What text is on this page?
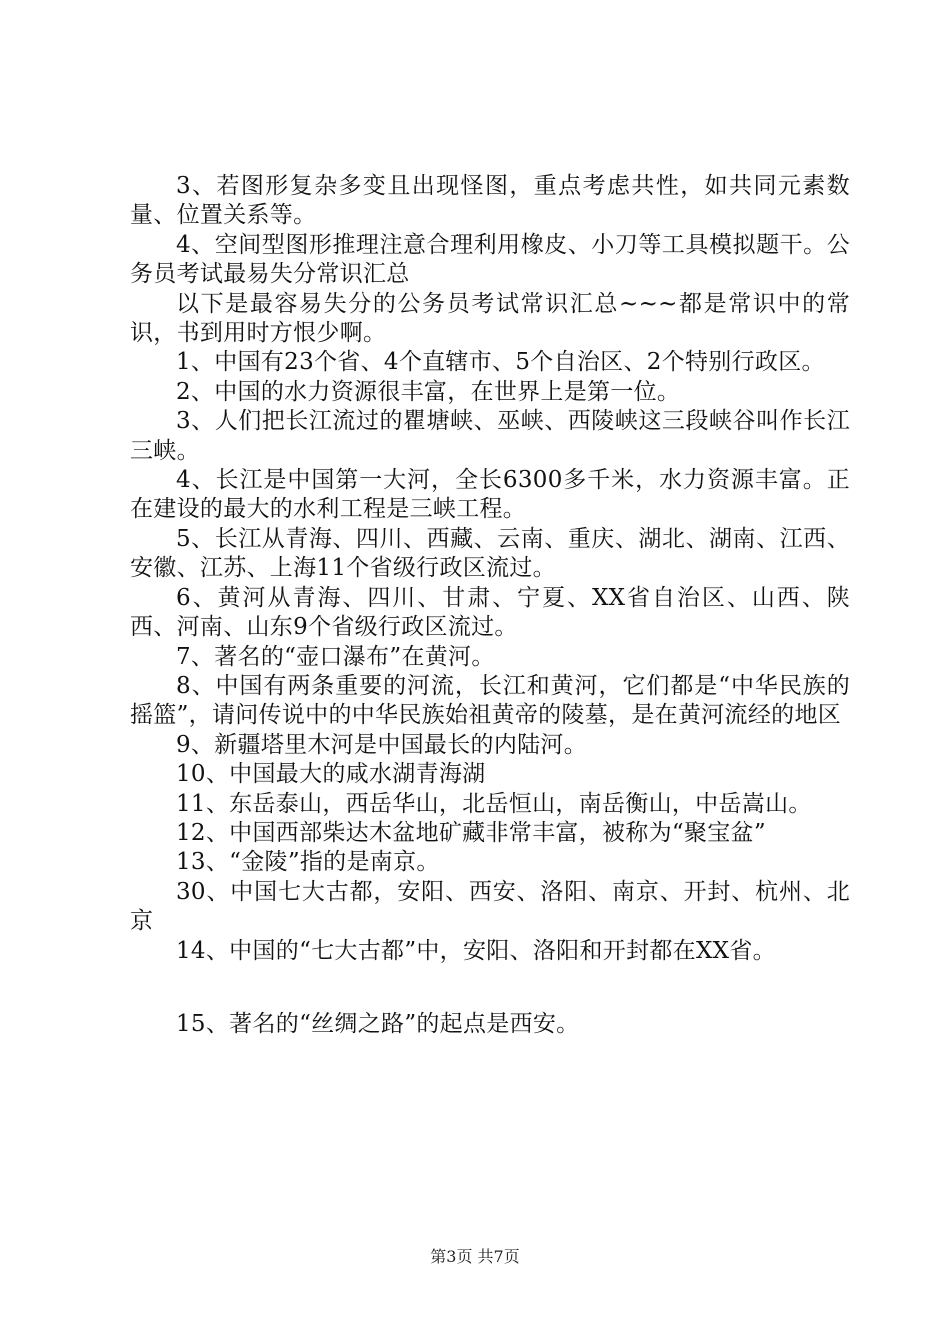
3、若图形复杂多变且出现怪图，重点考虑共性，如共同元素数量、位置关系等。

4、空间型图形推理注意合理利用橡皮、小刀等工具模拟题干。公务员考试最易失分常识汇总

以下是最容易失分的公务员考试常识汇总~~~都是常识中的常识，书到用时方恨少啊。

1、中国有23个省、4个直辖市、5个自治区、2个特别行政区。

2、中国的水力资源很丰富，在世界上是第一位。

3、人们把长江流过的瞿塘峡、巫峡、西陵峡这三段峡谷叫作长江三峡。

4、长江是中国第一大河，全长6300多千米，水力资源丰富。正在建设的最大的水利工程是三峡工程。

5、长江从青海、四川、西藏、云南、重庆、湖北、湖南、江西、安徽、江苏、上海11个省级行政区流过。

6、黄河从青海、四川、甘肃、宁夏、XX省自治区、山西、陕西、河南、山东9个省级行政区流过。

7、著名的“壶口瀑布”在黄河。

8、中国有两条重要的河流，长江和黄河，它们都是“中华民族的摇篮”，请问传说中的中华民族始祖黄帝的陵墓，是在黄河流经的地区

9、新疆塔里木河是中国最长的内陆河。

10、中国最大的咸水湖青海湖

11、东岳泰山，西岳华山，北岳恒山，南岳衡山，中岳嵩山。

12、中国西部柴达木盆地矿藏非常丰富，被称为“聚宝盆”

13、“金陵”指的是南京。

30、中国七大古都，安阳、西安、洛阳、南京、开封、杭州、北京

14、中国的“七大古都”中，安阳、洛阳和开封都在XX省。

15、著名的“丝绸之路”的起点是西安。

第3页 共7页
